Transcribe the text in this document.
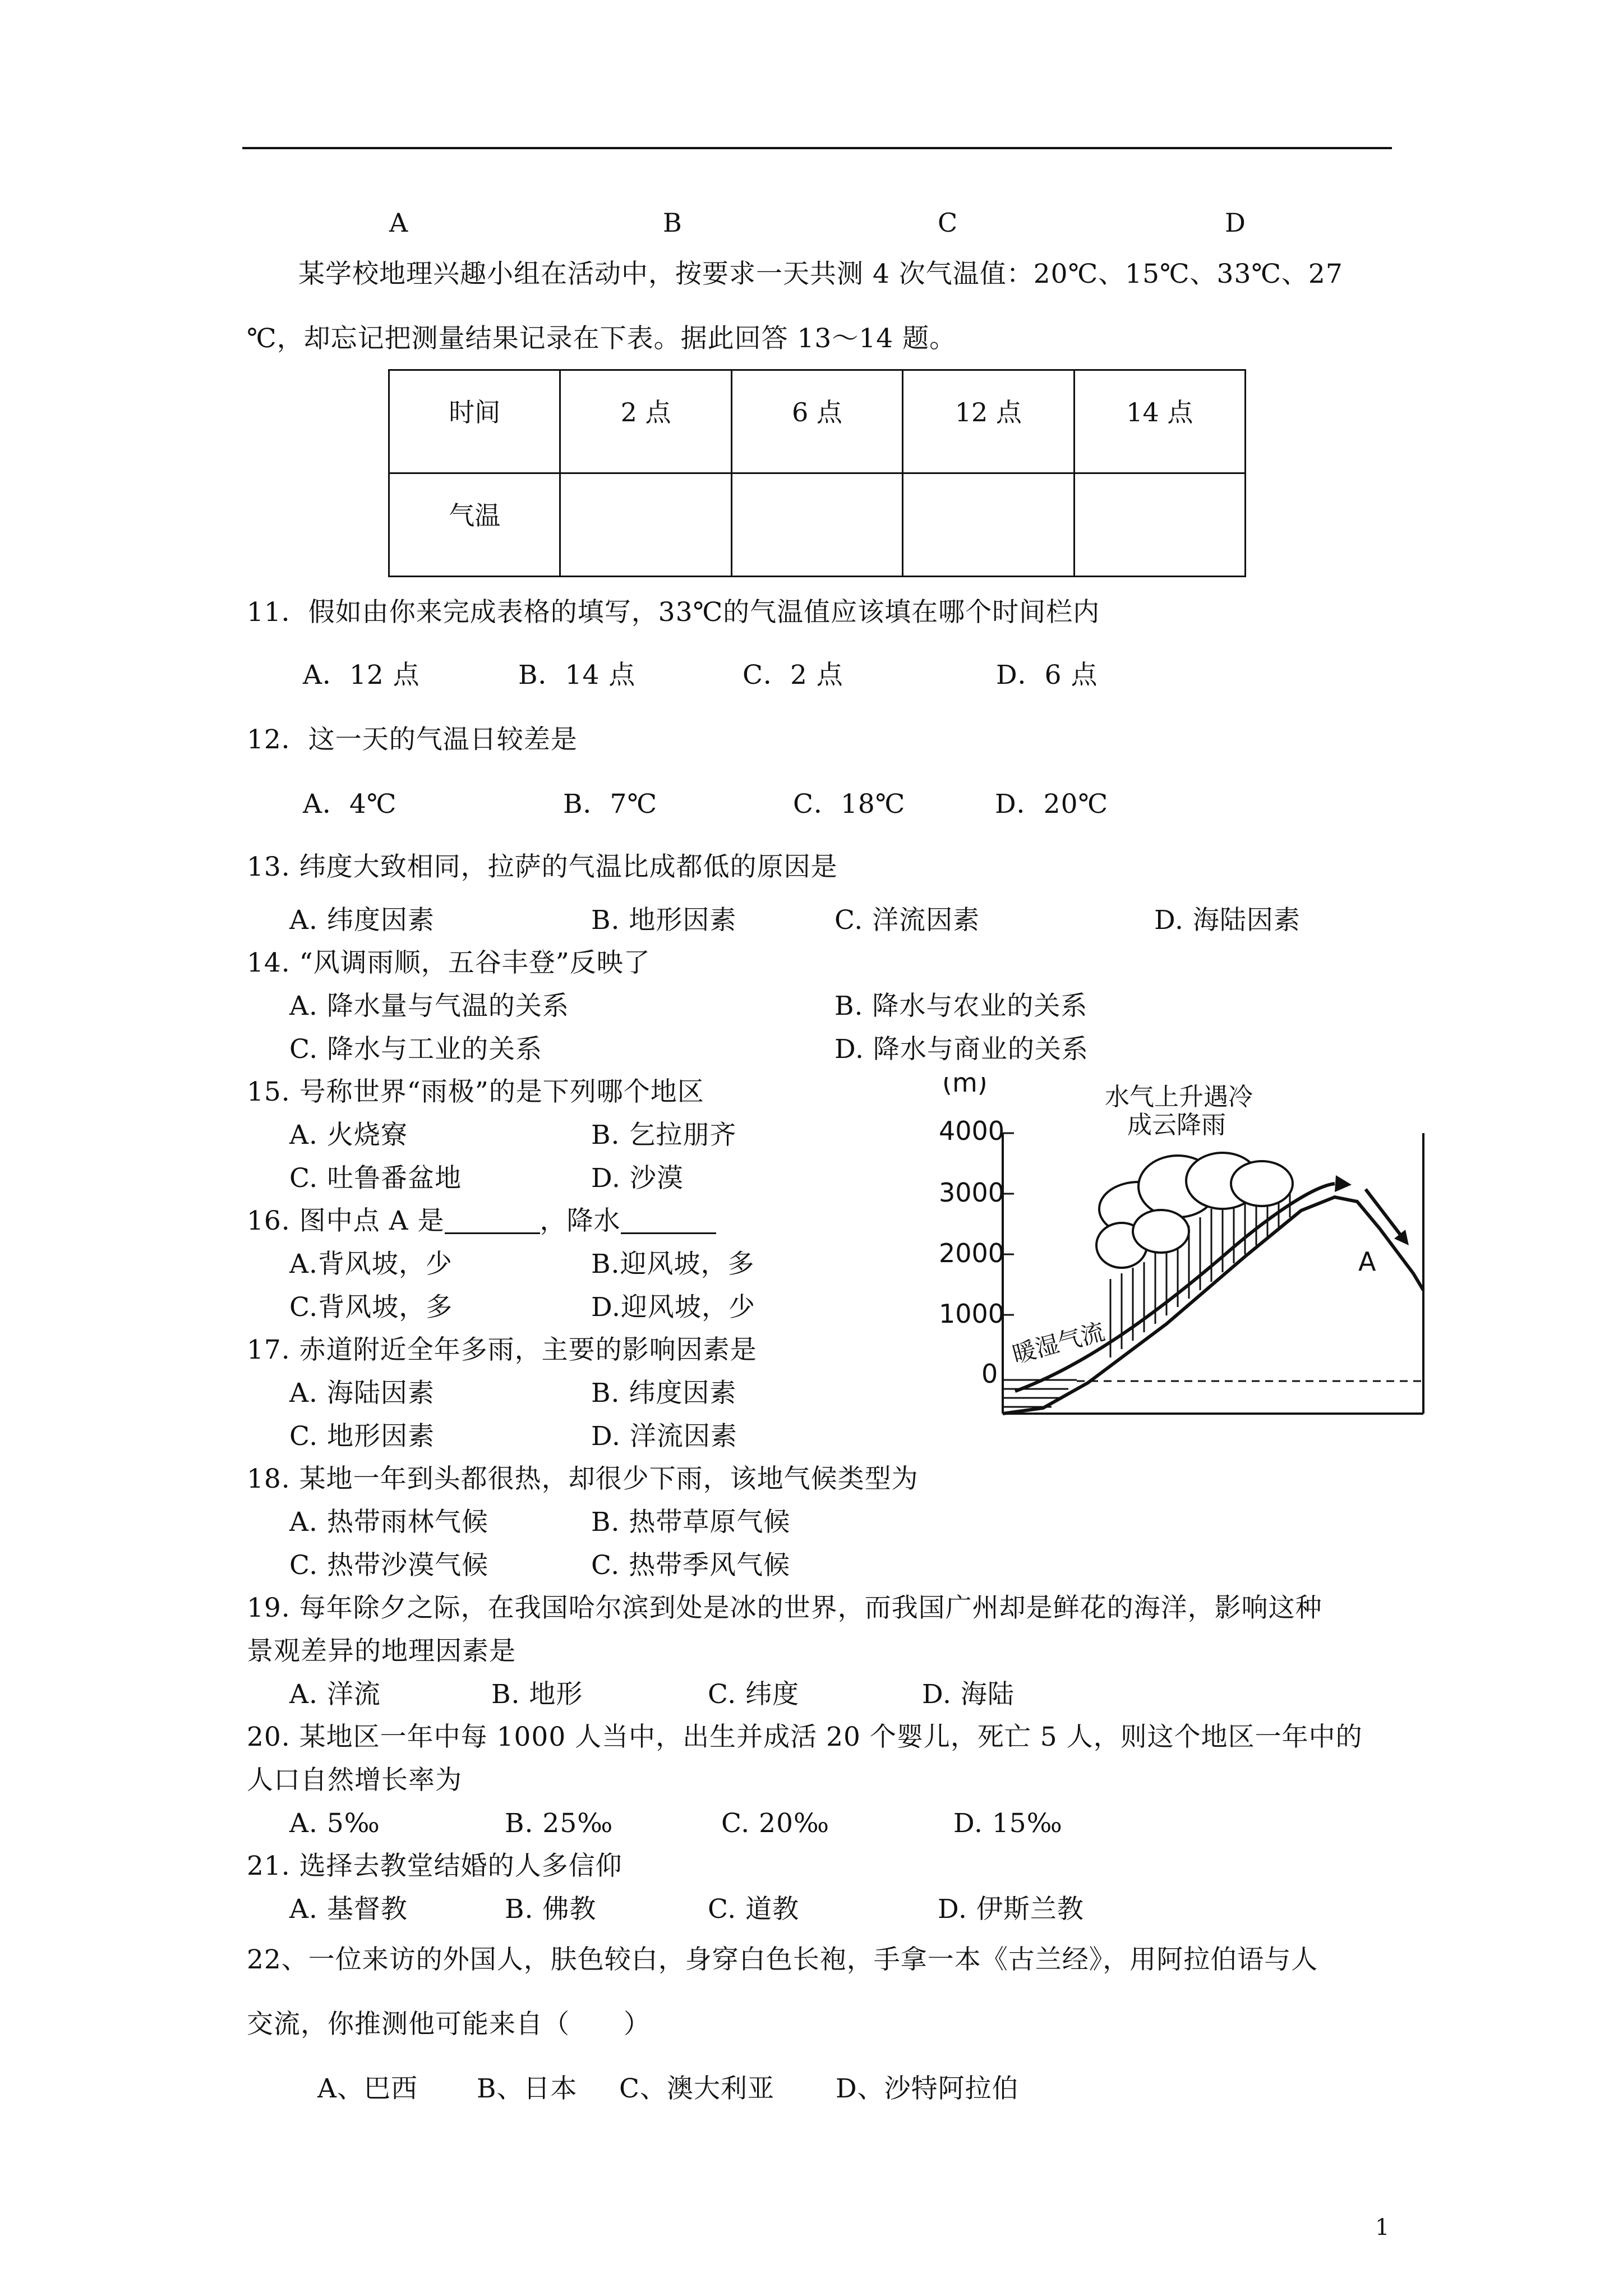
A	B	C	D
某学校地理兴趣小组在活动中，按要求一天共测 4 次气温值：20℃、15℃、33℃、27
℃，却忘记把测量结果记录在下表。据此回答 13～14 题。
时间	2 点	6 点	12 点	14 点
气温				
11．假如由你来完成表格的填写，33℃的气温值应该填在哪个时间栏内
A．12 点	B．14 点	C．2 点	D．6 点
12．这一天的气温日较差是
A．4℃	B．7℃	C．18℃	D．20℃
13. 纬度大致相同，拉萨的气温比成都低的原因是
A. 纬度因素	B. 地形因素	C. 洋流因素	D. 海陆因素
14. “风调雨顺，五谷丰登”反映了
A. 降水量与气温的关系	B. 降水与农业的关系
C. 降水与工业的关系	D. 降水与商业的关系
15. 号称世界“雨极”的是下列哪个地区
A. 火烧寮	B. 乞拉朋齐
C. 吐鲁番盆地	D. 沙漠
16. 图中点 A 是	，降水
A.背风坡，少	B.迎风坡，多
C.背风坡，多	D.迎风坡，少
17. 赤道附近全年多雨，主要的影响因素是
A. 海陆因素	B. 纬度因素
C. 地形因素	D. 洋流因素
18. 某地一年到头都很热，却很少下雨，该地气候类型为
A. 热带雨林气候	B. 热带草原气候
C. 热带沙漠气候	C. 热带季风气候
19. 每年除夕之际，在我国哈尔滨到处是冰的世界，而我国广州却是鲜花的海洋，影响这种
景观差异的地理因素是
A. 洋流	B. 地形	C. 纬度	D. 海陆
20. 某地区一年中每 1000 人当中，出生并成活 20 个婴儿，死亡 5 人，则这个地区一年中的
人口自然增长率为
A. 5‰	B. 25‰	C. 20‰	D. 15‰
21. 选择去教堂结婚的人多信仰
A. 基督教	B. 佛教	C. 道教	D. 伊斯兰教
22、一位来访的外国人，肤色较白，身穿白色长袍，手拿一本《古兰经》，用阿拉伯语与人
交流，你推测他可能来自（　　）
A、巴西 B、日本 C、澳大利亚 D、沙特阿拉伯
(m)
4000
3000
2000
1000
0
水气上升遇冷
成云降雨
暖湿气流
A
1
